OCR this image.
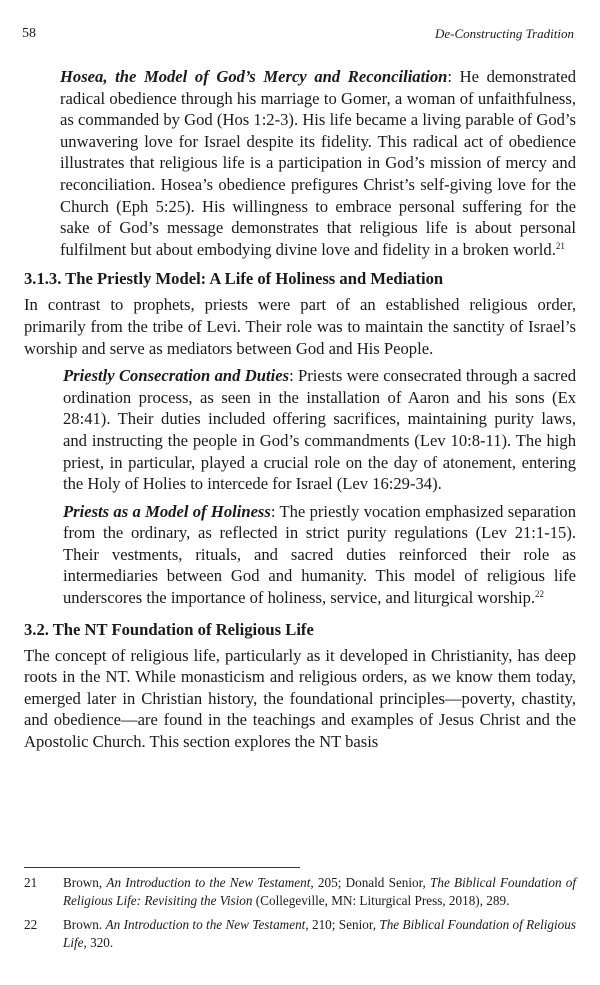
58	De-Constructing Tradition

Hosea, the Model of God’s Mercy and Reconciliation: He demonstrated radical obedience through his marriage to Gomer, a woman of unfaithfulness, as commanded by God (Hos 1:2-3). His life became a living parable of God’s unwavering love for Israel despite its fidelity. This radical act of obedience illustrates that religious life is a participation in God’s mission of mercy and reconciliation. Hosea’s obedience prefigures Christ’s self-giving love for the Church (Eph 5:25). His willingness to embrace personal suffering for the sake of God’s message demonstrates that religious life is about personal fulfilment but about embodying divine love and fidelity in a broken world.$^{21}$

3.1.3. The Priestly Model: A Life of Holiness and Mediation

In contrast to prophets, priests were part of an established religious order, primarily from the tribe of Levi. Their role was to maintain the sanctity of Israel’s worship and serve as mediators between God and His People.

Priestly Consecration and Duties: Priests were consecrated through a sacred ordination process, as seen in the installation of Aaron and his sons (Ex 28:41). Their duties included offering sacrifices, maintaining purity laws, and instructing the people in God’s commandments (Lev 10:8-11). The high priest, in particular, played a crucial role on the day of atonement, entering the Holy of Holies to intercede for Israel (Lev 16:29-34).

Priests as a Model of Holiness: The priestly vocation emphasized separation from the ordinary, as reflected in strict purity regulations (Lev 21:1-15). Their vestments, rituals, and sacred duties reinforced their role as intermediaries between God and humanity. This model of religious life underscores the importance of holiness, service, and liturgical worship.$^{22}$

3.2. The NT Foundation of Religious Life

The concept of religious life, particularly as it developed in Christianity, has deep roots in the NT. While monasticism and religious orders, as we know them today, emerged later in Christian history, the foundational principles—poverty, chastity, and obedience—are found in the teachings and examples of Jesus Christ and the Apostolic Church. This section explores the NT basis

21 Brown, An Introduction to the New Testament, 205; Donald Senior, The Biblical Foundation of Religious Life: Revisiting the Vision (Collegeville, MN: Liturgical Press, 2018), 289.
22 Brown. An Introduction to the New Testament, 210; Senior, The Biblical Foundation of Religious Life, 320.
